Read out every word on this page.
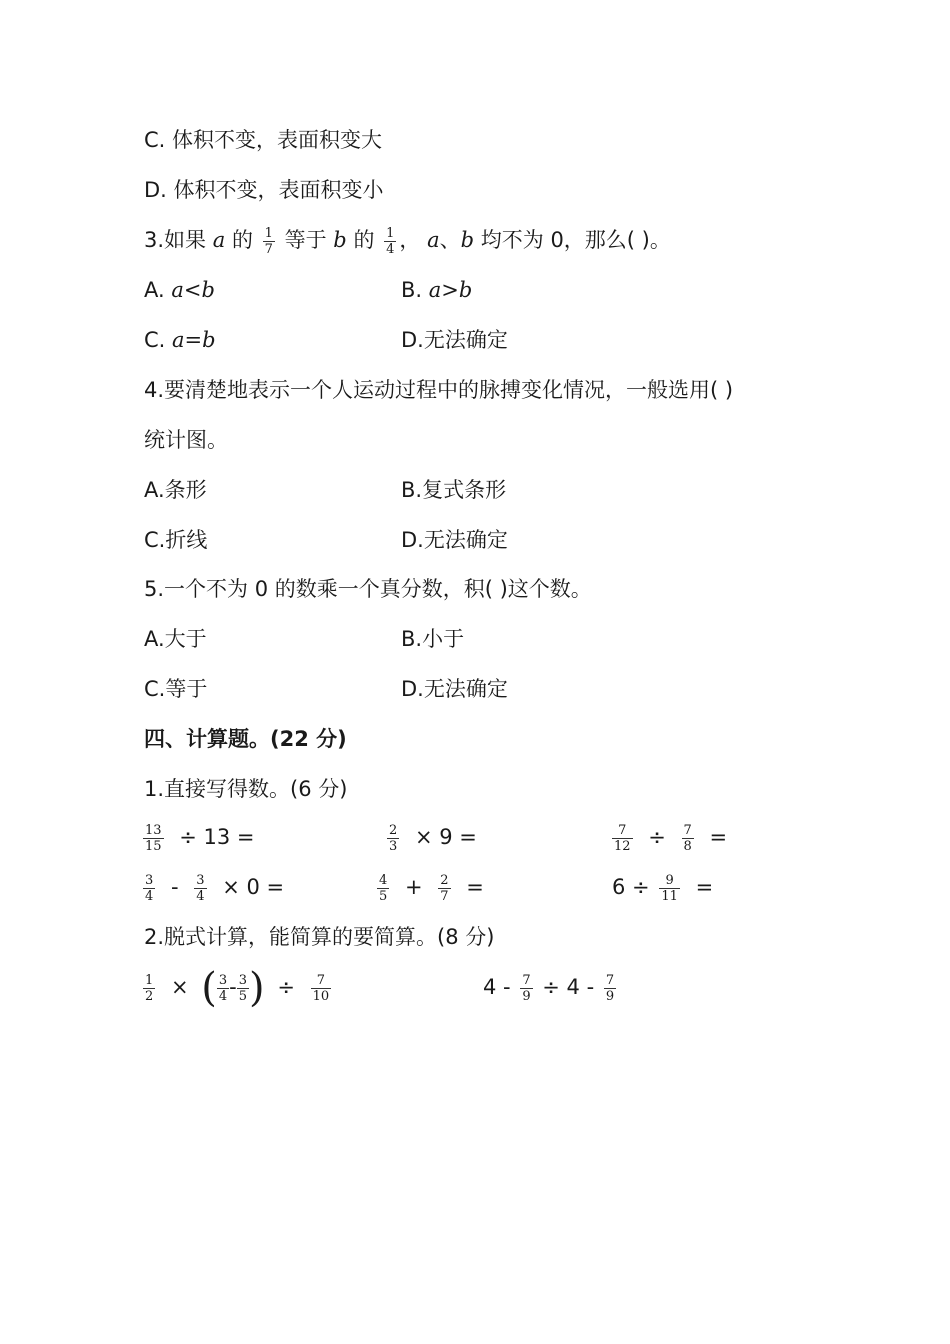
C. 体积不变，表面积变大
D. 体积不变，表面积变小
3.如果 a 的 $\frac{1}{7}$ 等于 b 的 $\frac{1}{4}$ ， a、b 均不为 0，那么( )。
A. a<b	B. a>b
C. a=b	D.无法确定
4.要清楚地表示一个人运动过程中的脉搏变化情况，一般选用( )
统计图。
A.条形	B.复式条形
C.折线	D.无法确定
5.一个不为 0 的数乘一个真分数，积( )这个数。
A.大于	B.小于
C.等于	D.无法确定
四、计算题。(22 分)
1.直接写得数。(6 分)
$\frac{13}{15} \div 13$ =	$\frac{2}{3} \times 9$ =	$\frac{7}{12} \div \frac{7}{8}$ =
$\frac{3}{4} - \frac{3}{4} \times 0$ =	$\frac{4}{5} + \frac{2}{7}$ =	$6 \div \frac{9}{11}$ =
2.脱式计算，能简算的要简算。(8 分)
$\frac{1}{2}$ × ( $\frac{3}{4} - \frac{3}{5}$ ) ÷ $\frac{7}{10}$	$4 - \frac{7}{9} \div 4 - \frac{7}{9}$
